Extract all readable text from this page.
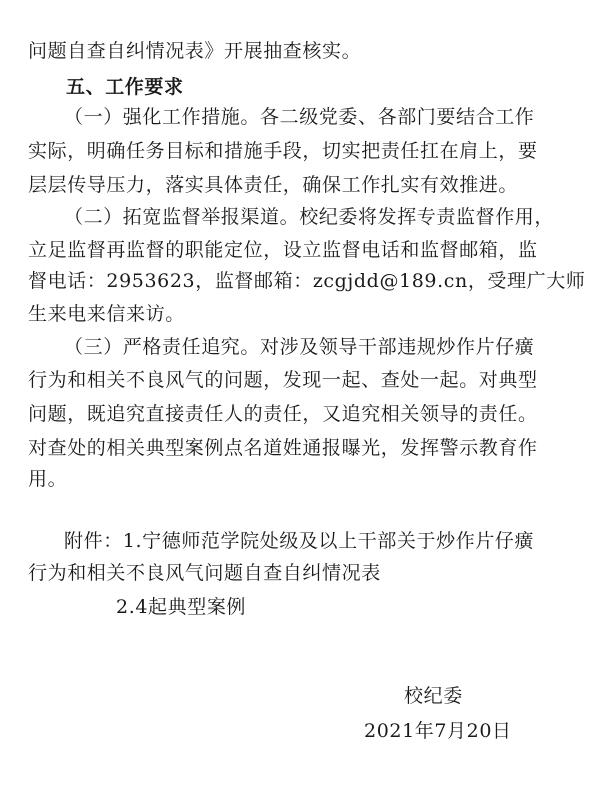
问题自查自纠情况表》开展抽查核实。
五、工作要求
（一）强化工作措施。各二级党委、各部门要结合工作
实际，明确任务目标和措施手段，切实把责任扛在肩上，要
层层传导压力，落实具体责任，确保工作扎实有效推进。
（二）拓宽监督举报渠道。校纪委将发挥专责监督作用，
立足监督再监督的职能定位，设立监督电话和监督邮箱，监
督电话：2953623，监督邮箱：zcgjdd@189.cn，受理广大师
生来电来信来访。
（三）严格责任追究。对涉及领导干部违规炒作片仔癀
行为和相关不良风气的问题，发现一起、查处一起。对典型
问题，既追究直接责任人的责任，又追究相关领导的责任。
对查处的相关典型案例点名道姓通报曝光，发挥警示教育作
用。
附件：1.宁德师范学院处级及以上干部关于炒作片仔癀
行为和相关不良风气问题自查自纠情况表
2.4起典型案例
校纪委
2021年7月20日
